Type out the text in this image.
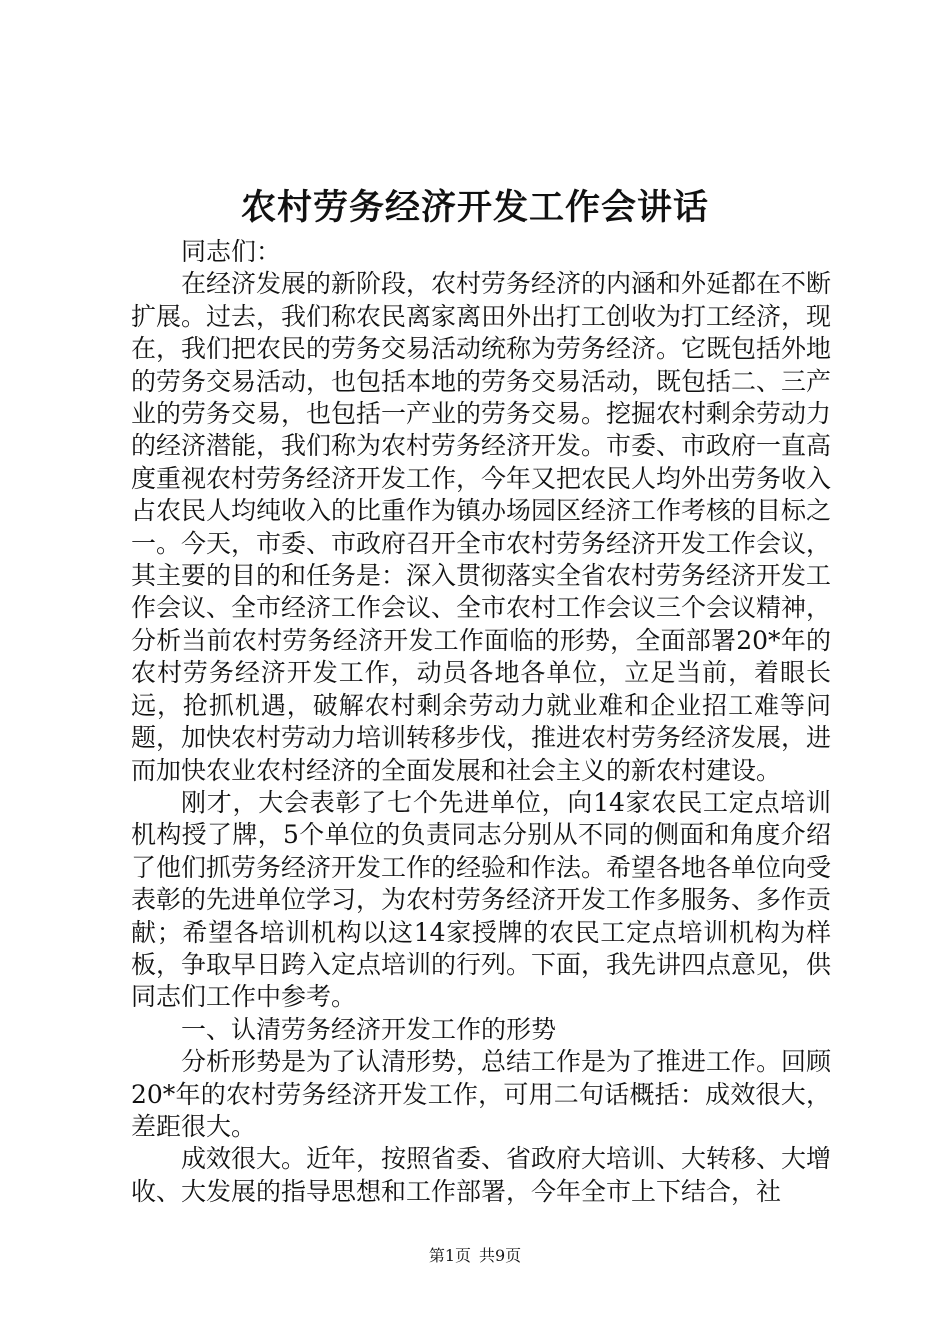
农村劳务经济开发工作会讲话

同志们：

在经济发展的新阶段，农村劳务经济的内涵和外延都在不断扩展。过去，我们称农民离家离田外出打工创收为打工经济，现在，我们把农民的劳务交易活动统称为劳务经济。它既包括外地的劳务交易活动，也包括本地的劳务交易活动，既包括二、三产业的劳务交易，也包括一产业的劳务交易。挖掘农村剩余劳动力的经济潜能，我们称为农村劳务经济开发。市委、市政府一直高度重视农村劳务经济开发工作，今年又把农民人均外出劳务收入占农民人均纯收入的比重作为镇办场园区经济工作考核的目标之一。今天，市委、市政府召开全市农村劳务经济开发工作会议，其主要的目的和任务是：深入贯彻落实全省农村劳务经济开发工作会议、全市经济工作会议、全市农村工作会议三个会议精神，分析当前农村劳务经济开发工作面临的形势，全面部署20*年的农村劳务经济开发工作，动员各地各单位，立足当前，着眼长远，抢抓机遇，破解农村剩余劳动力就业难和企业招工难等问题，加快农村劳动力培训转移步伐，推进农村劳务经济发展，进而加快农业农村经济的全面发展和社会主义的新农村建设。

刚才，大会表彰了七个先进单位，向14家农民工定点培训机构授了牌，5个单位的负责同志分别从不同的侧面和角度介绍了他们抓劳务经济开发工作的经验和作法。希望各地各单位向受表彰的先进单位学习，为农村劳务经济开发工作多服务、多作贡献；希望各培训机构以这14家授牌的农民工定点培训机构为样板，争取早日跨入定点培训的行列。下面，我先讲四点意见，供同志们工作中参考。

一、认清劳务经济开发工作的形势

分析形势是为了认清形势，总结工作是为了推进工作。回顾20*年的农村劳务经济开发工作，可用二句话概括：成效很大，差距很大。

成效很大。近年，按照省委、省政府大培训、大转移、大增收、大发展的指导思想和工作部署，今年全市上下结合，社

第1页 共9页
